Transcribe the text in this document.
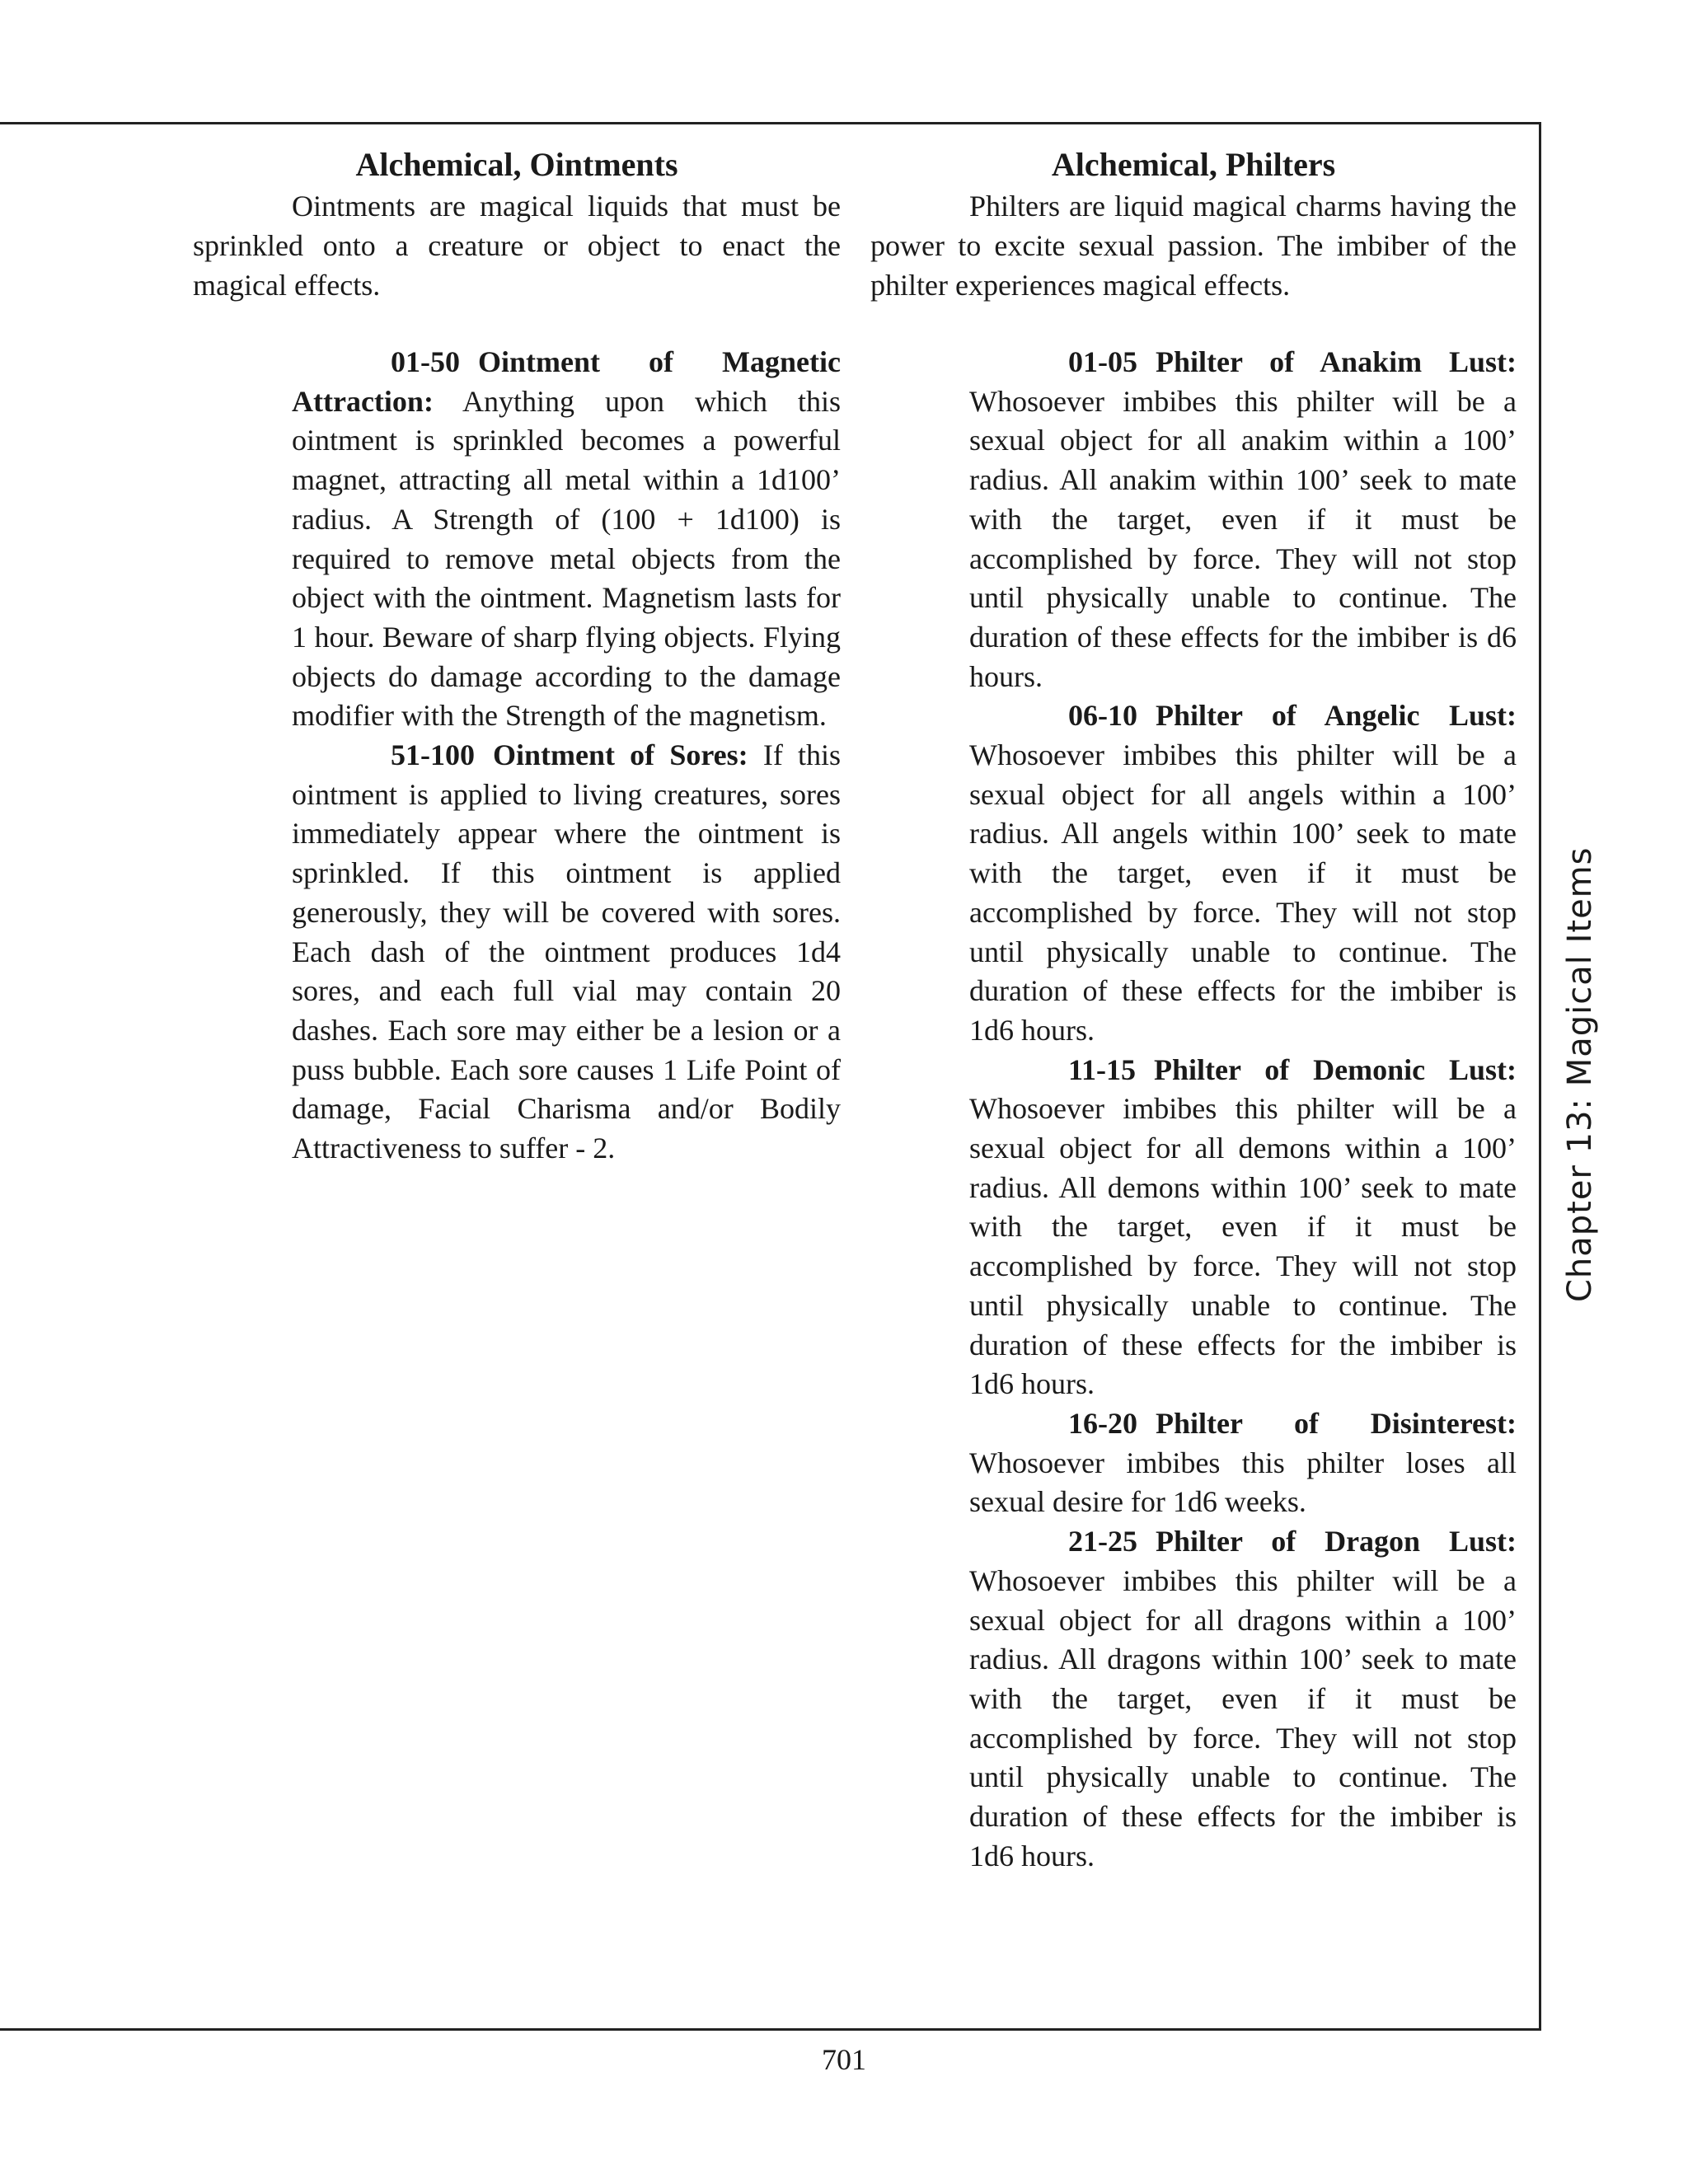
Alchemical, Ointments

Ointments are magical liquids that must be sprinkled onto a creature or object to enact the magical effects.

01-50 Ointment of Magnetic Attraction: Anything upon which this ointment is sprinkled becomes a powerful magnet, attracting all metal within a 1d100’ radius. A Strength of (100 + 1d100) is required to remove metal objects from the object with the ointment. Magnetism lasts for 1 hour. Beware of sharp flying objects. Flying objects do damage according to the damage modifier with the Strength of the magnetism.

51-100 Ointment of Sores: If this ointment is applied to living creatures, sores immediately appear where the ointment is sprinkled. If this ointment is applied generously, they will be covered with sores. Each dash of the ointment produces 1d4 sores, and each full vial may contain 20 dashes. Each sore may either be a lesion or a puss bubble. Each sore causes 1 Life Point of damage, Facial Charisma and/or Bodily Attractiveness to suffer - 2.

Alchemical, Philters

Philters are liquid magical charms having the power to excite sexual passion. The imbiber of the philter experiences magical effects.

01-05 Philter of Anakim Lust: Whosoever imbibes this philter will be a sexual object for all anakim within a 100’ radius. All anakim within 100’ seek to mate with the target, even if it must be accomplished by force. They will not stop until physically unable to continue. The duration of these effects for the imbiber is d6 hours.

06-10 Philter of Angelic Lust: Whosoever imbibes this philter will be a sexual object for all angels within a 100’ radius. All angels within 100’ seek to mate with the target, even if it must be accomplished by force. They will not stop until physically unable to continue. The duration of these effects for the imbiber is 1d6 hours.

11-15 Philter of Demonic Lust: Whosoever imbibes this philter will be a sexual object for all demons within a 100’ radius. All demons within 100’ seek to mate with the target, even if it must be accomplished by force. They will not stop until physically unable to continue. The duration of these effects for the imbiber is 1d6 hours.

16-20 Philter of Disinterest: Whosoever imbibes this philter loses all sexual desire for 1d6 weeks.

21-25 Philter of Dragon Lust: Whosoever imbibes this philter will be a sexual object for all dragons within a 100’ radius. All dragons within 100’ seek to mate with the target, even if it must be accomplished by force. They will not stop until physically unable to continue. The duration of these effects for the imbiber is 1d6 hours.

Chapter 13: Magical Items
701
